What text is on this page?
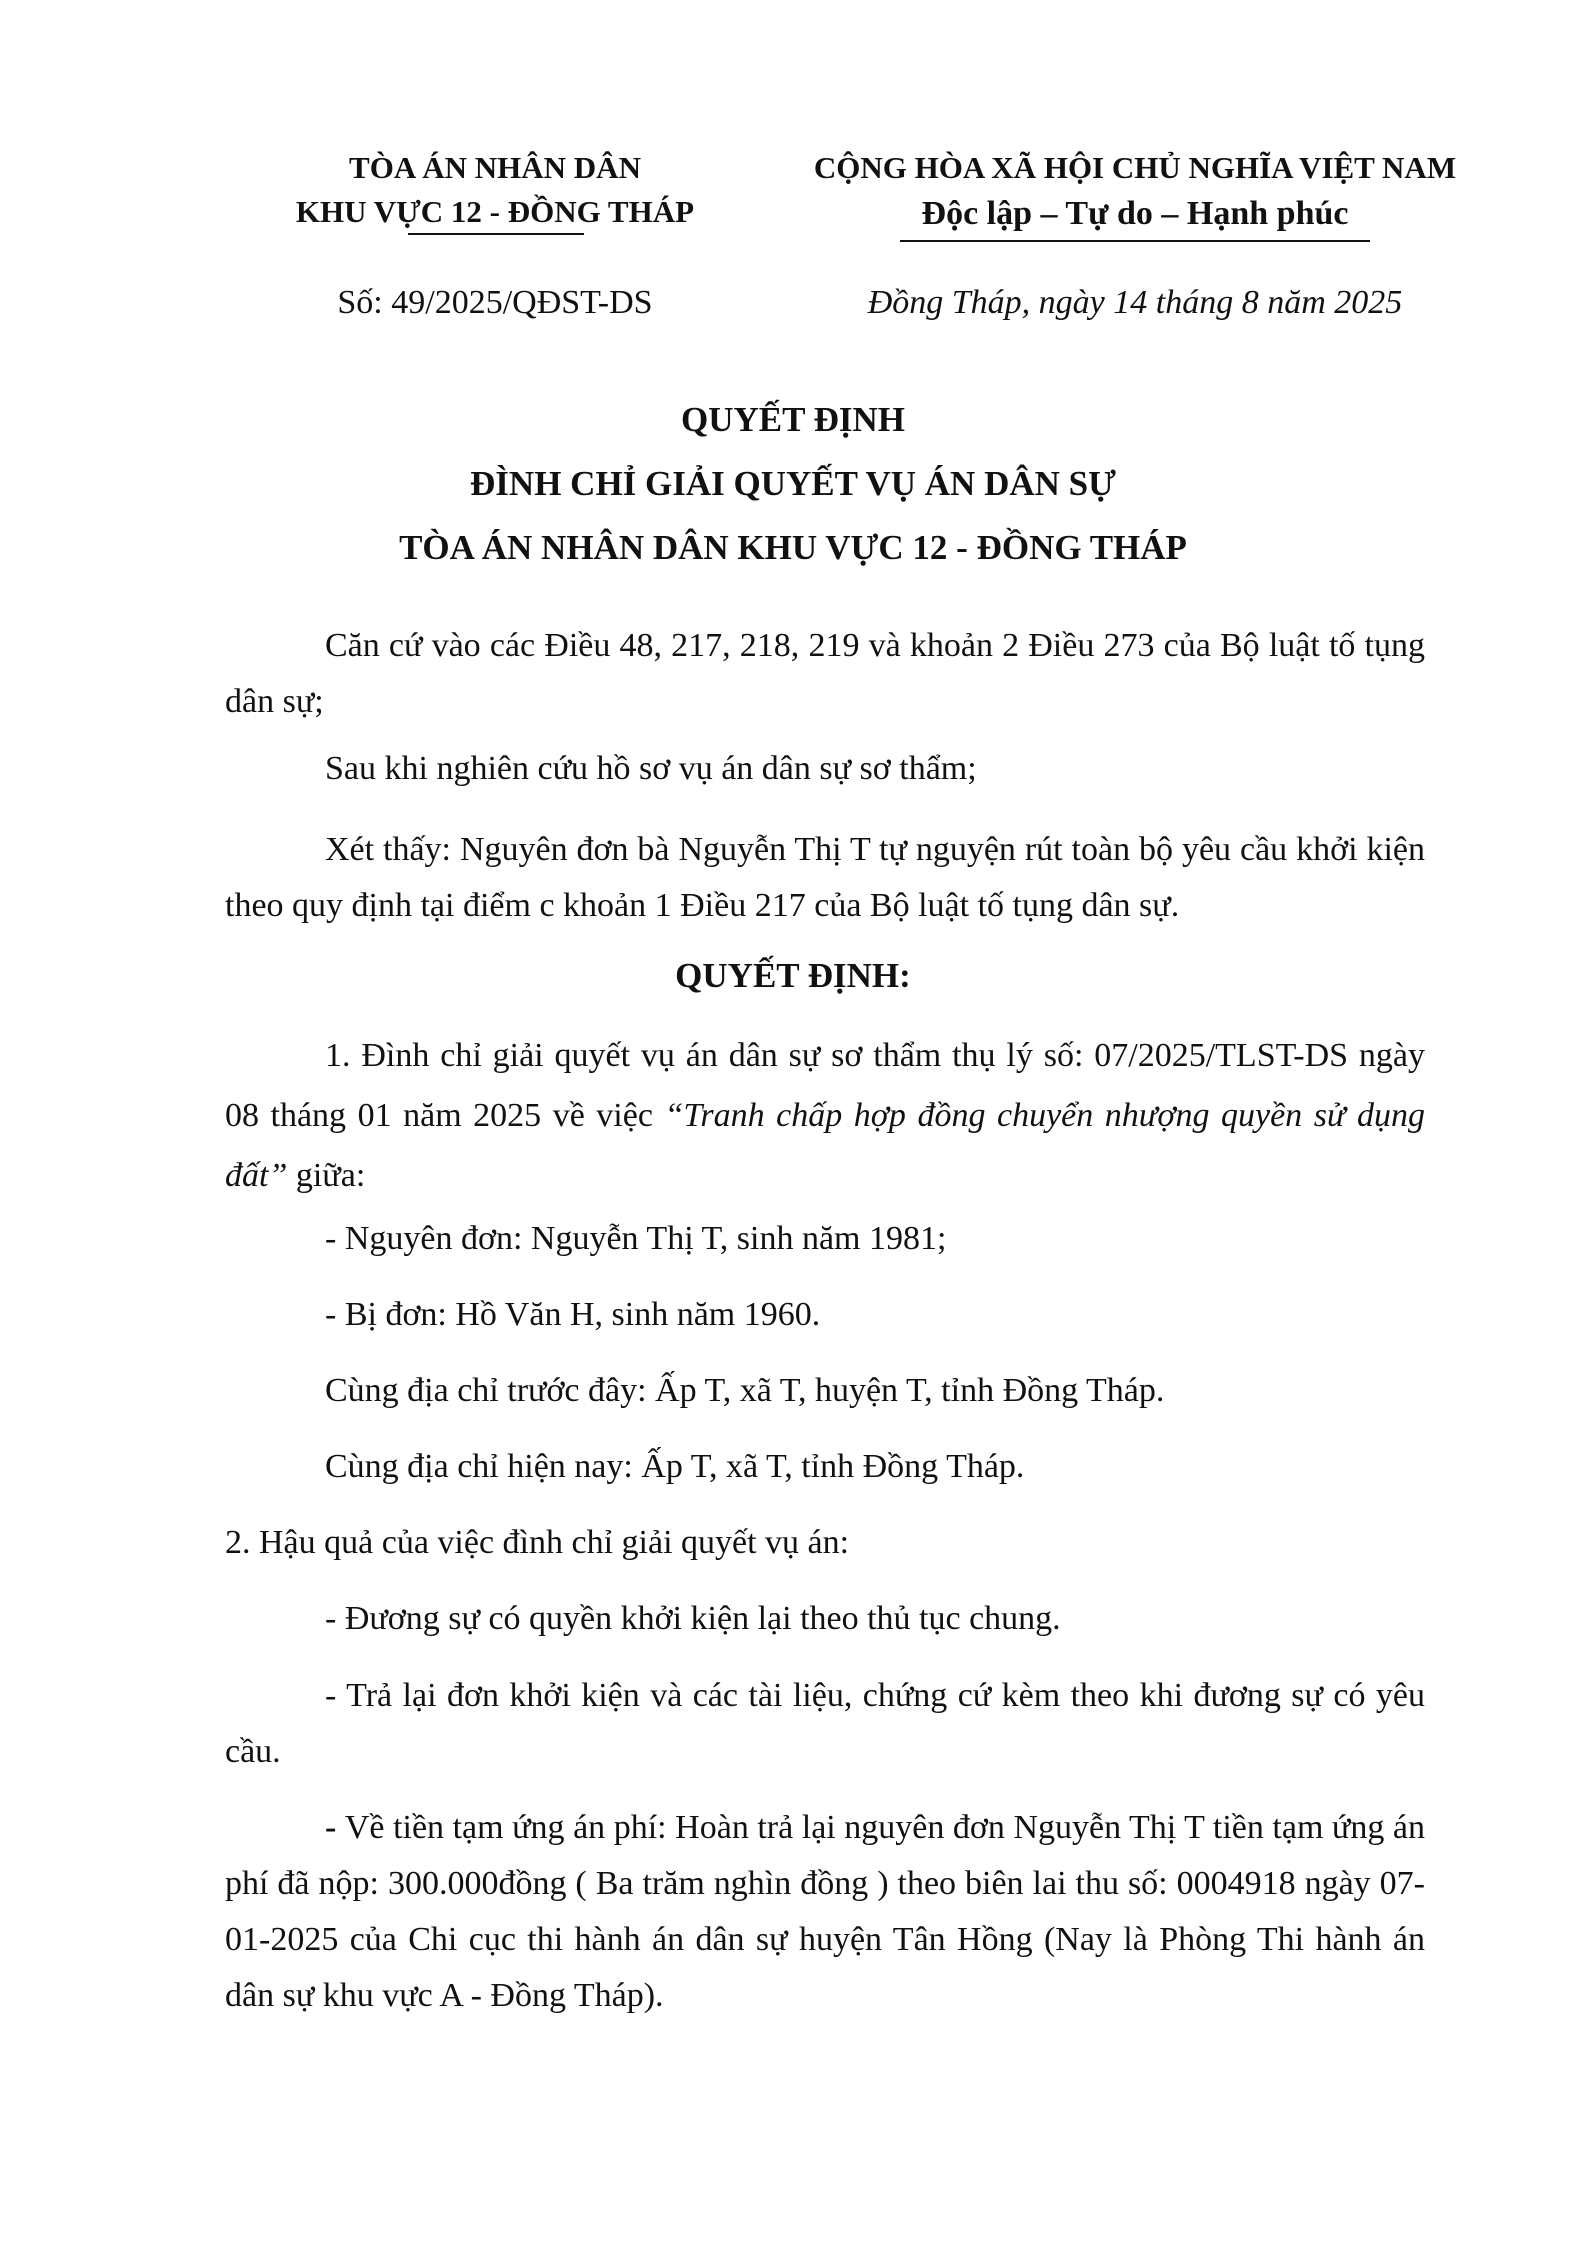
TÒA ÁN NHÂN DÂN
KHU VỰC 12 - ĐỒNG THÁP
CỘNG HÒA XÃ HỘI CHỦ NGHĨA VIỆT NAM
Độc lập – Tự do – Hạnh phúc
Số: 49/2025/QĐST-DS	Đồng Tháp, ngày 14 tháng 8 năm 2025
QUYẾT ĐỊNH
ĐÌNH CHỈ GIẢI QUYẾT VỤ ÁN DÂN SỰ
TÒA ÁN NHÂN DÂN KHU VỰC 12 - ĐỒNG THÁP
Căn cứ vào các Điều 48, 217, 218, 219 và khoản 2 Điều 273 của Bộ luật tố tụng dân sự;
Sau khi nghiên cứu hồ sơ vụ án dân sự sơ thẩm;
Xét thấy: Nguyên đơn bà Nguyễn Thị T tự nguyện rút toàn bộ yêu cầu khởi kiện theo quy định tại điểm c khoản 1 Điều 217 của Bộ luật tố tụng dân sự.
QUYẾT ĐỊNH:
1. Đình chỉ giải quyết vụ án dân sự sơ thẩm thụ lý số: 07/2025/TLST-DS ngày 08 tháng 01 năm 2025 về việc “Tranh chấp hợp đồng chuyển nhượng quyền sử dụng đất” giữa:
- Nguyên đơn: Nguyễn Thị T, sinh năm 1981;
- Bị đơn: Hồ Văn H, sinh năm 1960.
Cùng địa chỉ trước đây: Ấp T, xã T, huyện T, tỉnh Đồng Tháp.
Cùng địa chỉ hiện nay: Ấp T, xã T, tỉnh Đồng Tháp.
2. Hậu quả của việc đình chỉ giải quyết vụ án:
- Đương sự có quyền khởi kiện lại theo thủ tục chung.
- Trả lại đơn khởi kiện và các tài liệu, chứng cứ kèm theo khi đương sự có yêu cầu.
- Về tiền tạm ứng án phí: Hoàn trả lại nguyên đơn Nguyễn Thị T tiền tạm ứng án phí đã nộp: 300.000đồng ( Ba trăm nghìn đồng ) theo biên lai thu số: 0004918 ngày 07-01-2025 của Chi cục thi hành án dân sự huyện Tân Hồng (Nay là Phòng Thi hành án dân sự khu vực A - Đồng Tháp).
